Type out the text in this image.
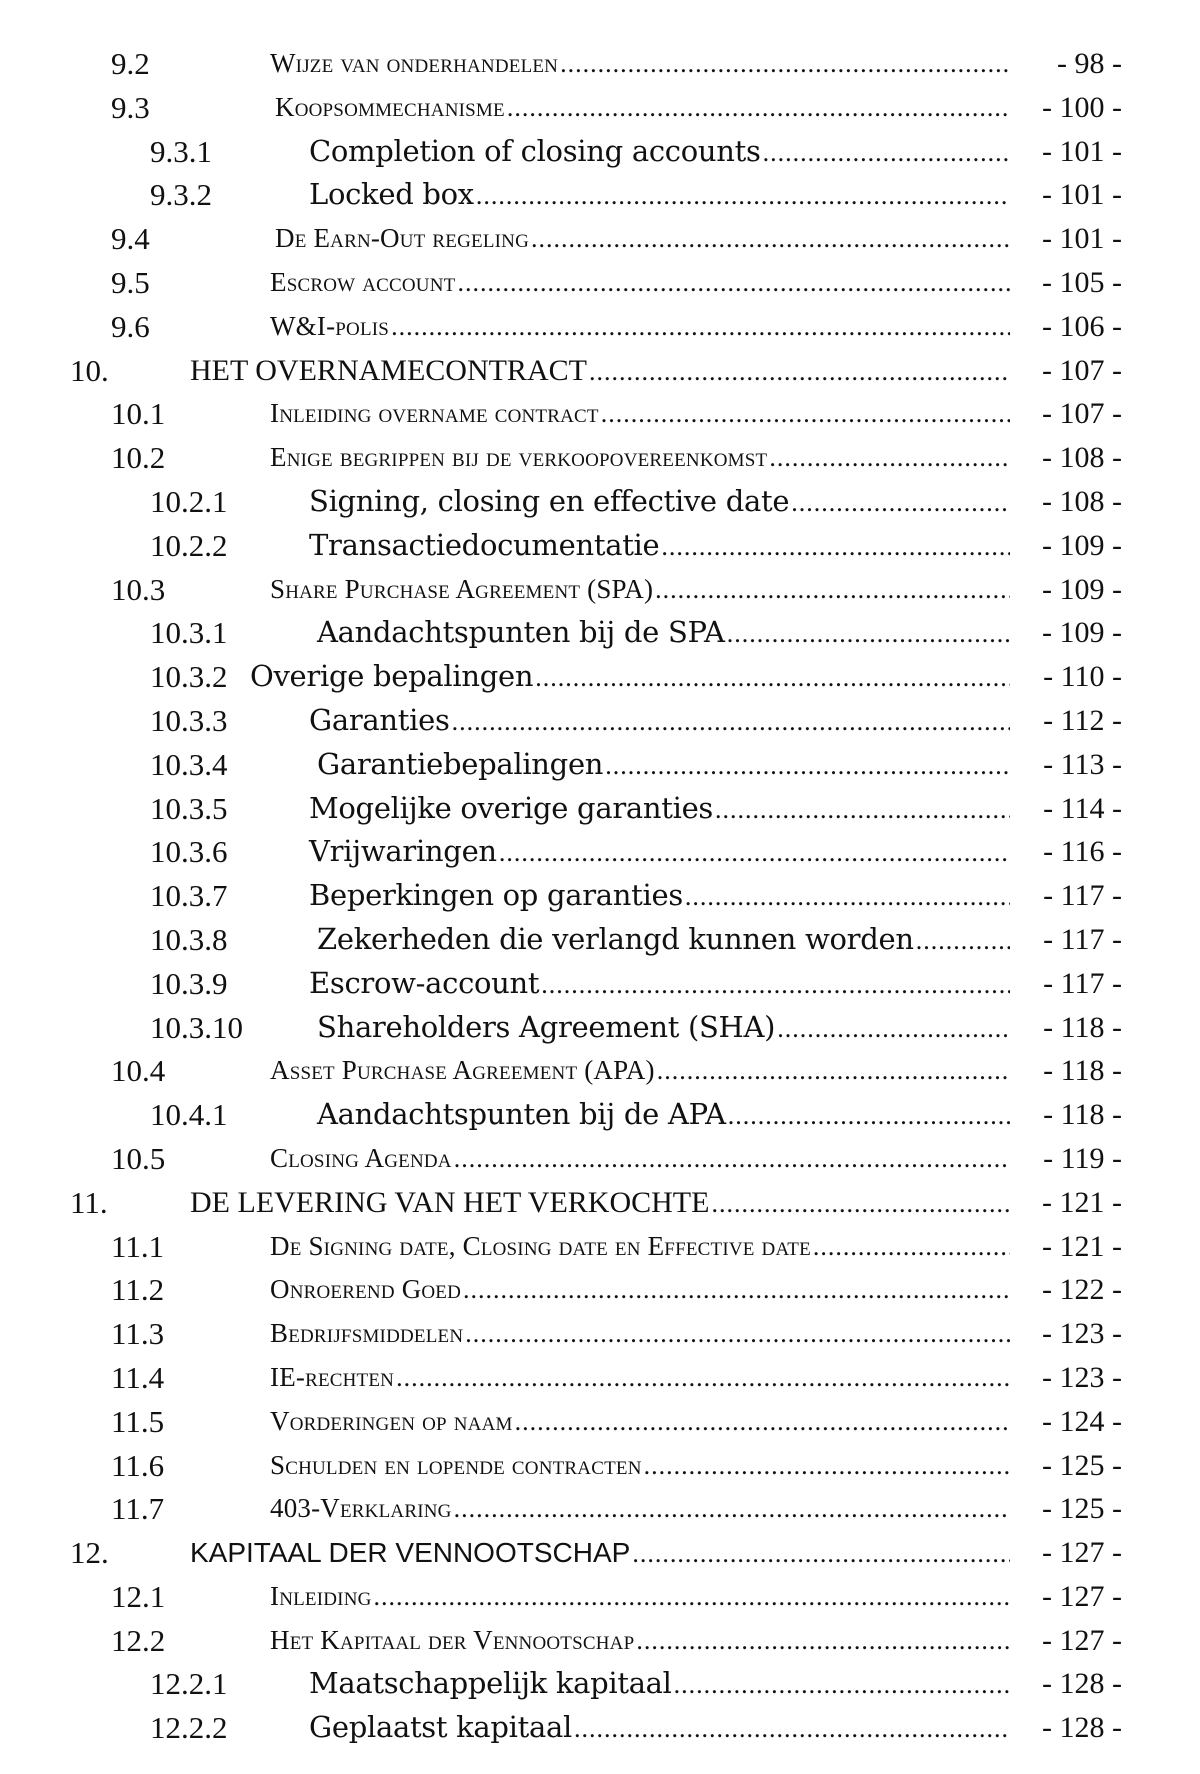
9.2	Wijze van onderhandelen .....	- 98 -
9.3	Koopsommechanisme .....	- 100 -
9.3.1	Completion of closing accounts .....	- 101 -
9.3.2	Locked box .....	- 101 -
9.4	De Earn-Out regeling .....	- 101 -
9.5	Escrow account .....	- 105 -
9.6	W&I-polis .....	- 106 -
10.	HET OVERNAMECONTRACT .....	- 107 -
10.1	Inleiding overname contract .....	- 107 -
10.2	Enige begrippen bij de verkoopovereenkomst .....	- 108 -
10.2.1	Signing, closing en effective date .....	- 108 -
10.2.2	Transactiedocumentatie .....	- 109 -
10.3	Share Purchase Agreement (SPA) .....	- 109 -
10.3.1	Aandachtspunten bij de SPA .....	- 109 -
10.3.2 Overige bepalingen .....	- 110 -
10.3.3	Garanties .....	- 112 -
10.3.4	Garantiebepalingen .....	- 113 -
10.3.5	Mogelijke overige garanties .....	- 114 -
10.3.6	Vrijwaringen .....	- 116 -
10.3.7	Beperkingen op garanties .....	- 117 -
10.3.8	Zekerheden die verlangd kunnen worden .....	- 117 -
10.3.9	Escrow-account .....	- 117 -
10.3.10	Shareholders Agreement (SHA) .....	- 118 -
10.4	Asset Purchase Agreement (APA) .....	- 118 -
10.4.1	Aandachtspunten bij de APA .....	- 118 -
10.5	Closing Agenda .....	- 119 -
11.	DE LEVERING VAN HET VERKOCHTE .....	- 121 -
11.1	De Signing date, Closing date en Effective date .....	- 121 -
11.2	Onroerend Goed .....	- 122 -
11.3	Bedrijfsmiddelen .....	- 123 -
11.4	IE-rechten .....	- 123 -
11.5	Vorderingen op naam .....	- 124 -
11.6	Schulden en lopende contracten .....	- 125 -
11.7	403-Verklaring .....	- 125 -
12.	KAPITAAL DER VENNOOTSCHAP .....	- 127 -
12.1	Inleiding .....	- 127 -
12.2	Het Kapitaal der Vennootschap .....	- 127 -
12.2.1	Maatschappelijk kapitaal .....	- 128 -
12.2.2	Geplaatst kapitaal .....	- 128 -
